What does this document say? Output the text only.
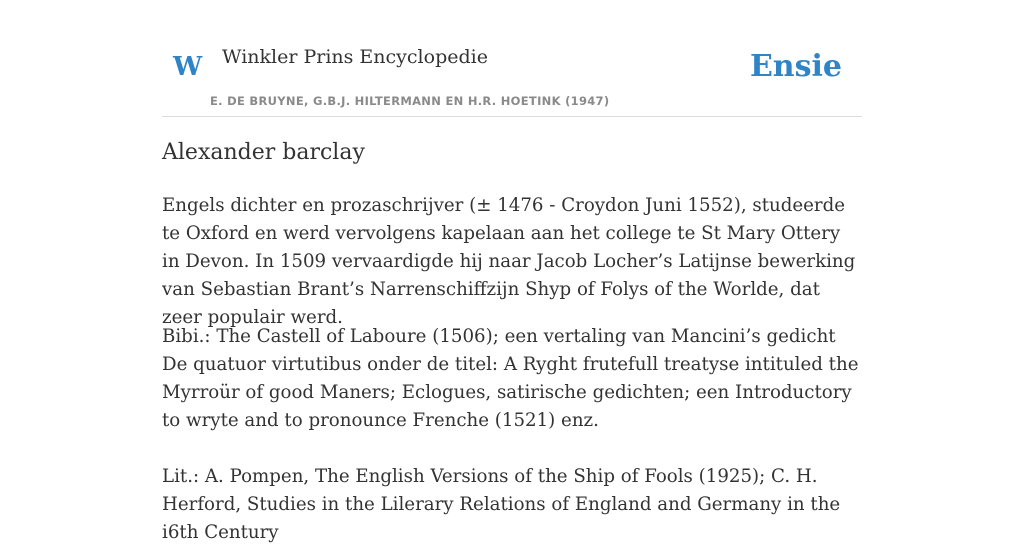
W Winkler Prins Encyclopedie
E. DE BRUYNE, G.B.J. HILTERMANN EN H.R. HOETINK (1947)
Ensie
Alexander barclay

Engels dichter en prozaschrijver (± 1476 - Croydon Juni 1552), studeerde te Oxford en werd vervolgens kapelaan aan het college te St Mary Ottery in Devon. In 1509 vervaardigde hij naar Jacob Locher’s Latijnse bewerking van Sebastian Brant’s Narrenschiffzijn Shyp of Folys of the Worlde, dat zeer populair werd.

Bibi.: The Castell of Laboure (1506); een vertaling van Mancini’s gedicht De quatuor virtutibus onder de titel: A Ryght frutefull treatyse intituled the Myrroür of good Maners; Eclogues, satirische gedichten; een Introductory to wryte and to pronounce Frenche (1521) enz.

Lit.: A. Pompen, The English Versions of the Ship of Fools (1925); C. H. Herford, Studies in the Lilerary Relations of England and Germany in the i6th Century
